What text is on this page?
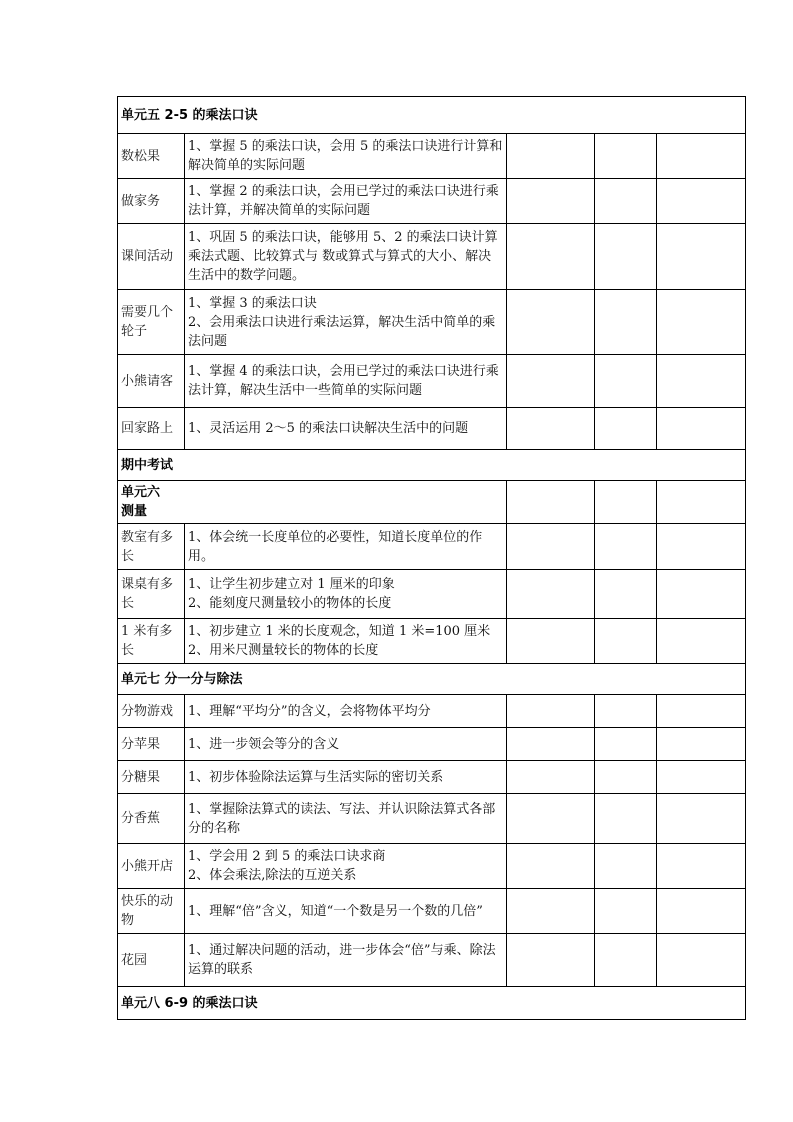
单元五 2-5 的乘法口诀				
数松果	1、掌握 5 的乘法口诀，会用 5 的乘法口诀进行计算和解决简单的实际问题			
做家务	1、掌握 2 的乘法口诀，会用已学过的乘法口诀进行乘法计算，并解决简单的实际问题			
课间活动	1、巩固 5 的乘法口诀，能够用 5、2 的乘法口诀计算乘法式题、比较算式与 数或算式与算式的大小、解决生活中的数学问题。			
需要几个轮子	1、掌握 3 的乘法口诀
2、会用乘法口诀进行乘法运算，解决生活中简单的乘法问题			

小熊请客	1、掌握 4 的乘法口诀，会用已学过的乘法口诀进行乘法计算，解决生活中一些简单的实际问题			
回家路上	1、灵活运用 2～5 的乘法口诀解决生活中的问题			
期中考试				

单元六
测量				

教室有多长	1、体会统一长度单位的必要性，知道长度单位的作用。			
课桌有多长	1、让学生初步建立对 1 厘米的印象
2、能刻度尺测量较小的物体的长度			

1 米有多长	1、初步建立 1 米的长度观念，知道 1 米=100 厘米
2、用米尺测量较长的物体的长度			

单元七 分一分与除法				
分物游戏	1、理解“平均分”的含义，会将物体平均分			
分苹果	1、进一步领会等分的含义			
分糖果	1、初步体验除法运算与生活实际的密切关系			
分香蕉	1、掌握除法算式的读法、写法、并认识除法算式各部分的名称			
小熊开店	1、学会用 2 到 5 的乘法口诀求商
2、体会乘法,除法的互逆关系			

快乐的动物	1、理解“倍”含义，知道“一个数是另一个数的几倍”			
花园	1、通过解决问题的活动，进一步体会“倍”与乘、除法运算的联系			
单元八 6-9 的乘法口诀				
